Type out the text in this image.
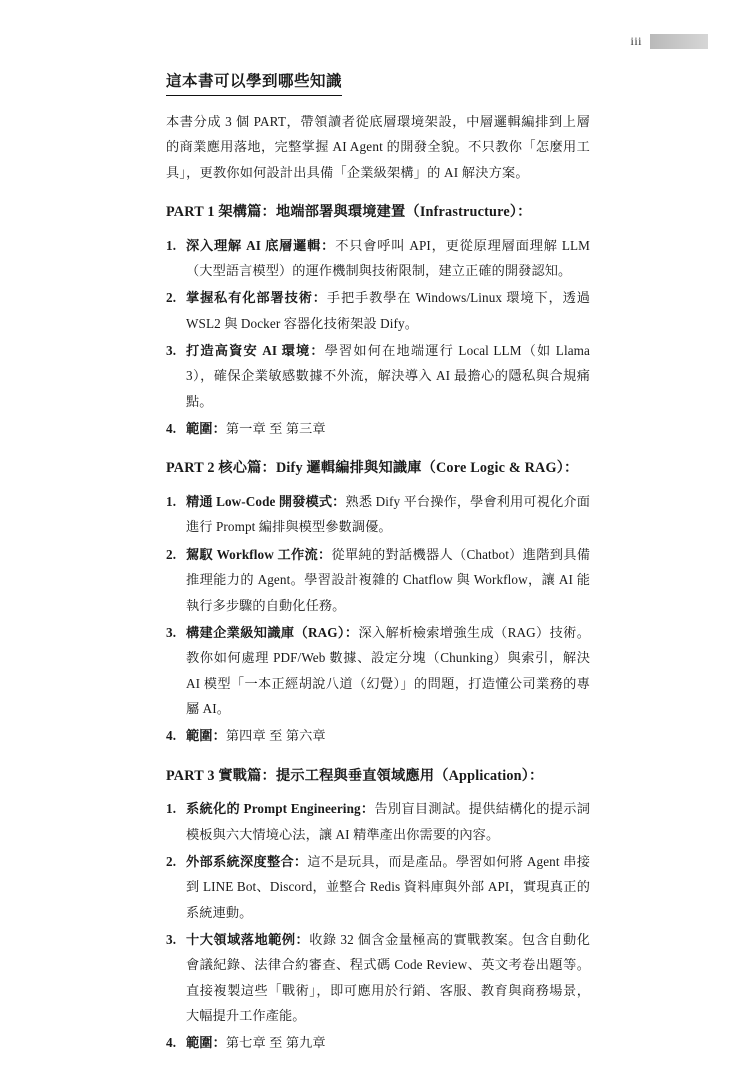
iii
這本書可以學到哪些知識

本書分成 3 個 PART，帶領讀者從底層環境架設，中層邏輯編排到上層的商業應用落地，完整掌握 AI Agent 的開發全貌。不只教你「怎麼用工具」，更教你如何設計出具備「企業級架構」的 AI 解決方案。

PART 1 架構篇：地端部署與環境建置（Infrastructure）：
深入理解 AI 底層邏輯：不只會呼叫 API，更從原理層面理解 LLM（大型語言模型）的運作機制與技術限制，建立正確的開發認知。
掌握私有化部署技術：手把手教學在 Windows/Linux 環境下，透過 WSL2 與 Docker 容器化技術架設 Dify。
打造高資安 AI 環境：學習如何在地端運行 Local LLM（如 Llama 3），確保企業敏感數據不外流，解決導入 AI 最擔心的隱私與合規痛點。
範圍：第一章 至 第三章
PART 2 核心篇：Dify 邏輯編排與知識庫（Core Logic & RAG）：
精通 Low-Code 開發模式：熟悉 Dify 平台操作，學會利用可視化介面進行 Prompt 編排與模型參數調優。
駕馭 Workflow 工作流：從單純的對話機器人（Chatbot）進階到具備推理能力的 Agent。學習設計複雜的 Chatflow 與 Workflow，讓 AI 能執行多步驟的自動化任務。
構建企業級知識庫（RAG）：深入解析檢索增強生成（RAG）技術。教你如何處理 PDF/Web 數據、設定分塊（Chunking）與索引，解決 AI 模型「一本正經胡說八道（幻覺）」的問題，打造懂公司業務的專屬 AI。
範圍：第四章 至 第六章
PART 3 實戰篇：提示工程與垂直領域應用（Application）：
系統化的 Prompt Engineering：告別盲目測試。提供結構化的提示詞模板與六大情境心法，讓 AI 精準產出你需要的內容。
外部系統深度整合：這不是玩具，而是產品。學習如何將 Agent 串接到 LINE Bot、Discord，並整合 Redis 資料庫與外部 API，實現真正的系統連動。
十大領域落地範例：收錄 32 個含金量極高的實戰教案。包含自動化會議紀錄、法律合約審查、程式碼 Code Review、英文考卷出題等。直接複製這些「戰術」，即可應用於行銷、客服、教育與商務場景，大幅提升工作產能。
範圍：第七章 至 第九章
